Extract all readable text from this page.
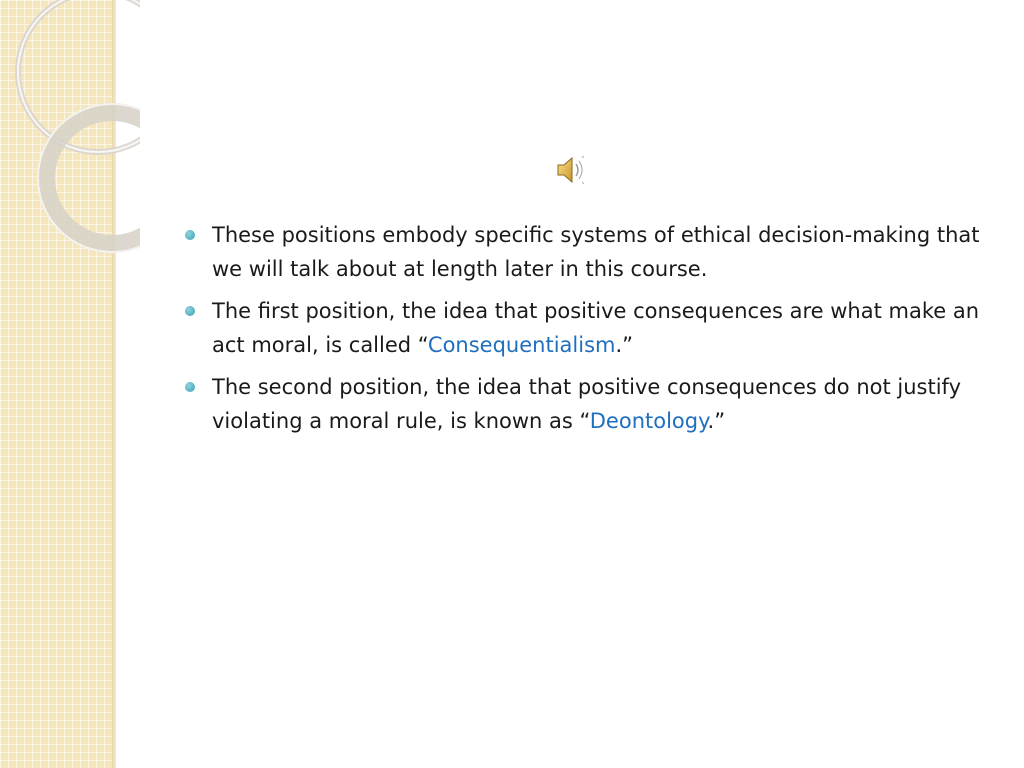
These positions embody specific systems of ethical decision-making that we will talk about at length later in this course.
The first position, the idea that positive consequences are what make an act moral, is called “Consequentialism.”
The second position, the idea that positive consequences do not justify violating a moral rule, is known as “Deontology.”
